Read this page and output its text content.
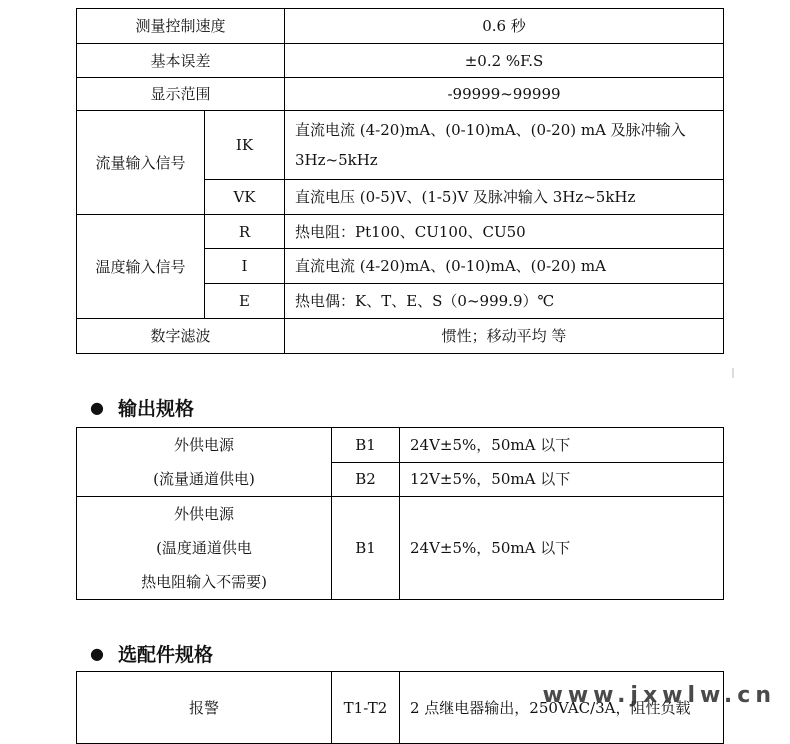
测量控制速度		0.6 秒
基本误差		±0.2 %F.S
显示范围		-99999~99999
流量输入信号	IK	直流电流 (4-20)mA、(0-10)mA、(0-20) mA 及脉冲输入 3Hz~5kHz
	VK	直流电压 (0-5)V、(1-5)V 及脉冲输入 3Hz~5kHz
温度输入信号	R	热电阻：Pt100、CU100、CU50
	I	直流电流 (4-20)mA、(0-10)mA、(0-20) mA
	E	热电偶：K、T、E、S（0~999.9）℃
数字滤波		惯性；移动平均 等
● 输出规格
外供电源
(流量通道供电)	B1	24V±5%，50mA 以下
	B2	12V±5%，50mA 以下

外供电源
(温度通道供电
热电阻输入不需要)	B1	24V±5%，50mA 以下
● 选配件规格
报警	T1-T2	2 点继电器输出，250VAC/3A，阻性负载
www.jxwlw.cn
